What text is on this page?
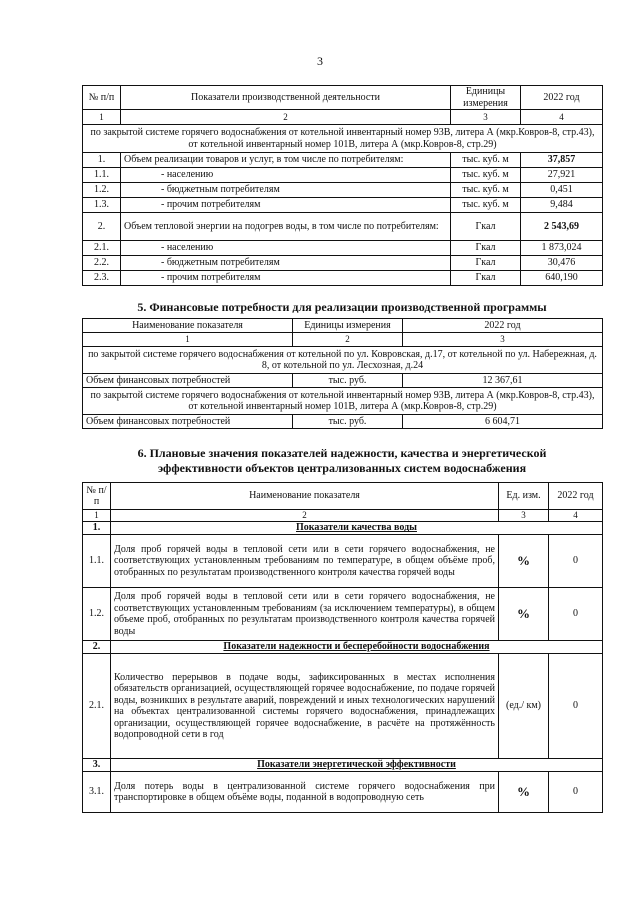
3
№ п/п	Показатели производственной деятельности	Единицы измерения	2022 год
1	2	3	4
по закрытой системе горячего водоснабжения от котельной инвентарный номер 93В, литера А (мкр.Ковров-8, стр.43), от котельной инвентарный номер 101В, литера А (мкр.Ковров-8, стр.29)			
1.	Объем реализации товаров и услуг, в том числе по потребителям:	тыс. куб. м	37,857
1.1.	- населению	тыс. куб. м	27,921
1.2.	- бюджетным потребителям	тыс. куб. м	0,451
1.3.	- прочим потребителям	тыс. куб. м	9,484
2.	Объем тепловой энергии на подогрев воды, в том числе по потребителям:	Гкал	2 543,69
2.1.	- населению	Гкал	1 873,024
2.2.	- бюджетным потребителям	Гкал	30,476
2.3.	- прочим потребителям	Гкал	640,190
5. Финансовые потребности для реализации производственной программы
Наименование показателя	Единицы измерения	2022 год
1	2	3
по закрытой системе горячего водоснабжения от котельной по ул. Ковровская, д.17, от котельной по ул. Набережная, д. 8, от котельной по ул. Лесхозная, д.24		
Объем финансовых потребностей	тыс. руб.	12 367,61
по закрытой системе горячего водоснабжения от котельной инвентарный номер 93В, литера А (мкр.Ковров-8, стр.43), от котельной инвентарный номер 101В, литера А (мкр.Ковров-8, стр.29)		
Объем финансовых потребностей	тыс. руб.	6 604,71
6. Плановые значения показателей надежности, качества и энергетической
эффективности объектов централизованных систем водоснабжения
№ п/п	Наименование показателя	Ед. изм.	2022 год
1	2	3	4
1.	Показатели качества воды		
1.1.	Доля проб горячей воды в тепловой сети или в сети горячего водоснабжения, не соответствующих установленным требованиям по температуре, в общем объёме проб, отобранных по результатам производственного контроля качества горячей воды	%	0
1.2.	Доля проб горячей воды в тепловой сети или в сети горячего водоснабжения, не соответствующих установленным требованиям (за исключением температуры), в общем объеме проб, отобранных по результатам производственного контроля качества горячей воды	%	0
2.	Показатели надежности и бесперебойности водоснабжения		
2.1.	Количество перерывов в подаче воды, зафиксированных в местах исполнения обязательств организацией, осуществляющей горячее водоснабжение, по подаче горячей воды, возникших в результате аварий, повреждений и иных технологических нарушений на объектах централизованной системы горячего водоснабжения, принадлежащих организации, осуществляющей горячее водоснабжение, в расчёте на протяжённость водопроводной сети в год	(ед./ км)	0
3.	Показатели энергетической эффективности		
3.1.	Доля потерь воды в централизованной системе горячего водоснабжения при транспортировке в общем объёме воды, поданной в водопроводную сеть	%	0
